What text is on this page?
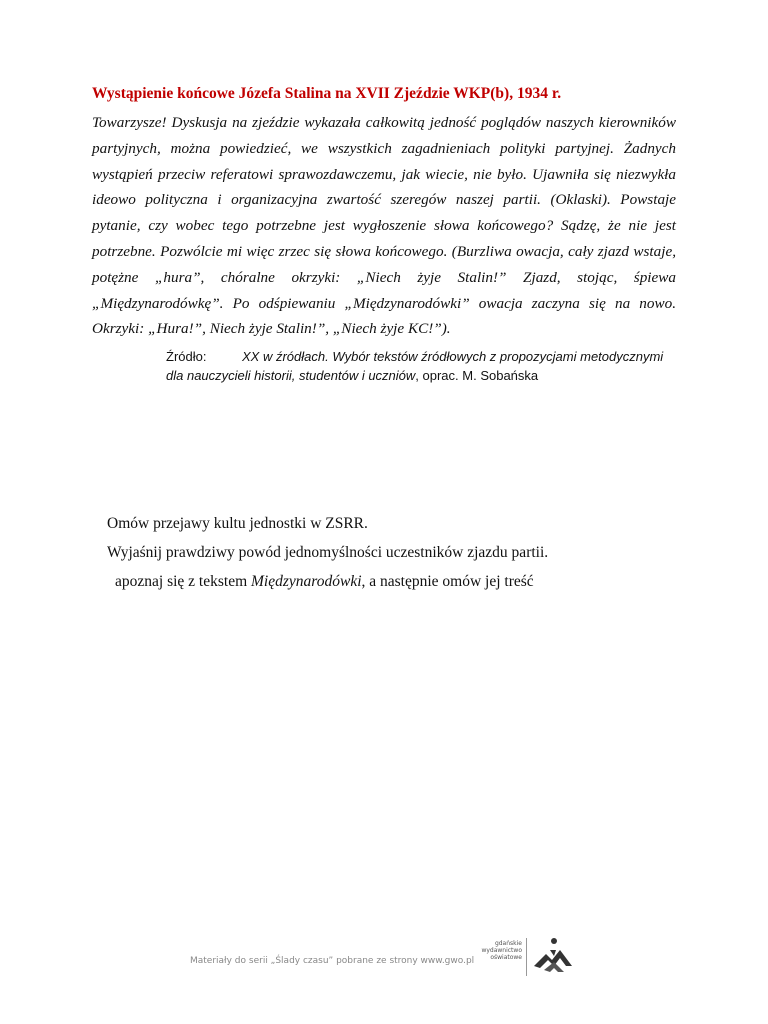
Wystąpienie końcowe Józefa Stalina na XVII Zjeździe WKP(b), 1934 r.

Towarzysze! Dyskusja na zjeździe wykazała całkowitą jedność poglądów naszych kierowników partyjnych, można powiedzieć, we wszystkich zagadnieniach polityki partyjnej. Żadnych wystąpień przeciw referatowi sprawozdawczemu, jak wiecie, nie było. Ujawniła się niezwykła ideowo polityczna i organizacyjna zwartość szeregów naszej partii. (Oklaski). Powstaje pytanie, czy wobec tego potrzebne jest wygłoszenie słowa końcowego? Sądzę, że nie jest potrzebne. Pozwólcie mi więc zrzec się słowa końcowego. (Burzliwa owacja, cały zjazd wstaje, potężne „hura”, chóralne okrzyki: „Niech żyje Stalin!” Zjazd, stojąc, śpiewa „Międzynarodówkę”. Po odśpiewaniu „Międzynarodówki” owacja zaczyna się na nowo. Okrzyki: „Hura!”, Niech żyje Stalin!”, „Niech żyje KC!”).

Źródło:	XX w źródłach. Wybór tekstów źródłowych z propozycjami metodycznymi dla nauczycieli historii, studentów i uczniów, oprac. M. Sobańska

Omów przejawy kultu jednostki w ZSRR.

Wyjaśnij prawdziwy powód jednomyślności uczestników zjazdu partii.

apoznaj się z tekstem Międzynarodówki, a następnie omów jej treść

Materiały do serii „Ślady czasu” pobrane ze strony www.gwo.pl
gdańskie
wydawnictwo
oświatowe
